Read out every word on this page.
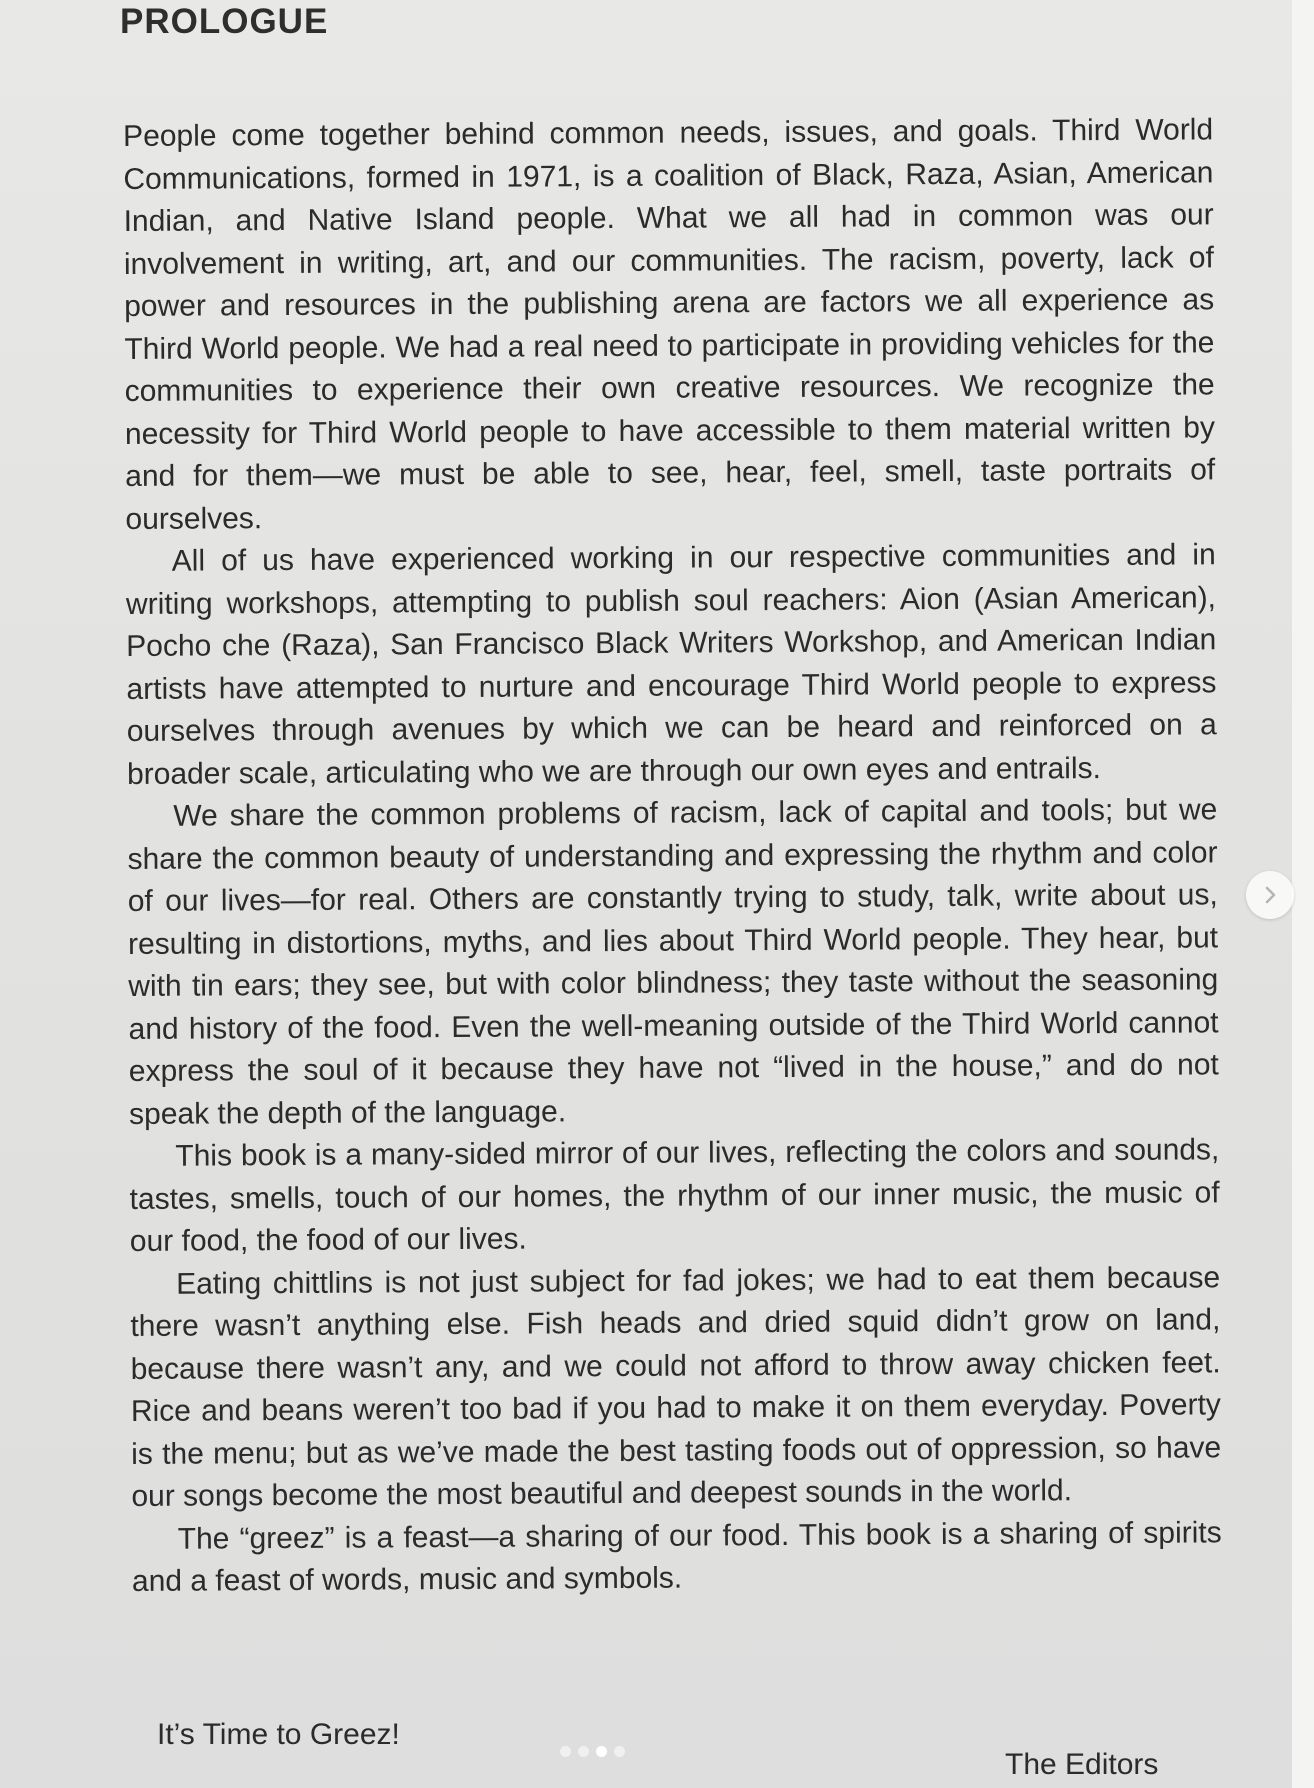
PROLOGUE

People come together behind common needs, issues, and goals. Third World Communications, formed in 1971, is a coalition of Black, Raza, Asian, American Indian, and Native Island people. What we all had in common was our involvement in writing, art, and our communities. The racism, poverty, lack of power and resources in the publishing arena are factors we all experience as Third World people. We had a real need to participate in providing vehicles for the communities to experience their own creative resources. We recognize the necessity for Third World people to have accessible to them material written by and for them—we must be able to see, hear, feel, smell, taste portraits of ourselves.

All of us have experienced working in our respective communities and in writing workshops, attempting to publish soul reachers: Aion (Asian American), Pocho che (Raza), San Francisco Black Writers Workshop, and American Indian artists have attempted to nurture and encourage Third World people to express ourselves through avenues by which we can be heard and reinforced on a broader scale, articulating who we are through our own eyes and entrails.

We share the common problems of racism, lack of capital and tools; but we share the common beauty of understanding and expressing the rhythm and color of our lives—for real. Others are constantly trying to study, talk, write about us, resulting in distortions, myths, and lies about Third World people. They hear, but with tin ears; they see, but with color blindness; they taste without the seasoning and history of the food. Even the well-meaning outside of the Third World cannot express the soul of it because they have not “lived in the house,” and do not speak the depth of the language.

This book is a many-sided mirror of our lives, reflecting the colors and sounds, tastes, smells, touch of our homes, the rhythm of our inner music, the music of our food, the food of our lives.

Eating chittlins is not just subject for fad jokes; we had to eat them because there wasn’t anything else. Fish heads and dried squid didn’t grow on land, because there wasn’t any, and we could not afford to throw away chicken feet. Rice and beans weren’t too bad if you had to make it on them everyday. Poverty is the menu; but as we’ve made the best tasting foods out of oppression, so have our songs become the most beautiful and deepest sounds in the world.

The “greez” is a feast—a sharing of our food. This book is a sharing of spirits and a feast of words, music and symbols.

It’s Time to Greez!
The Editors
